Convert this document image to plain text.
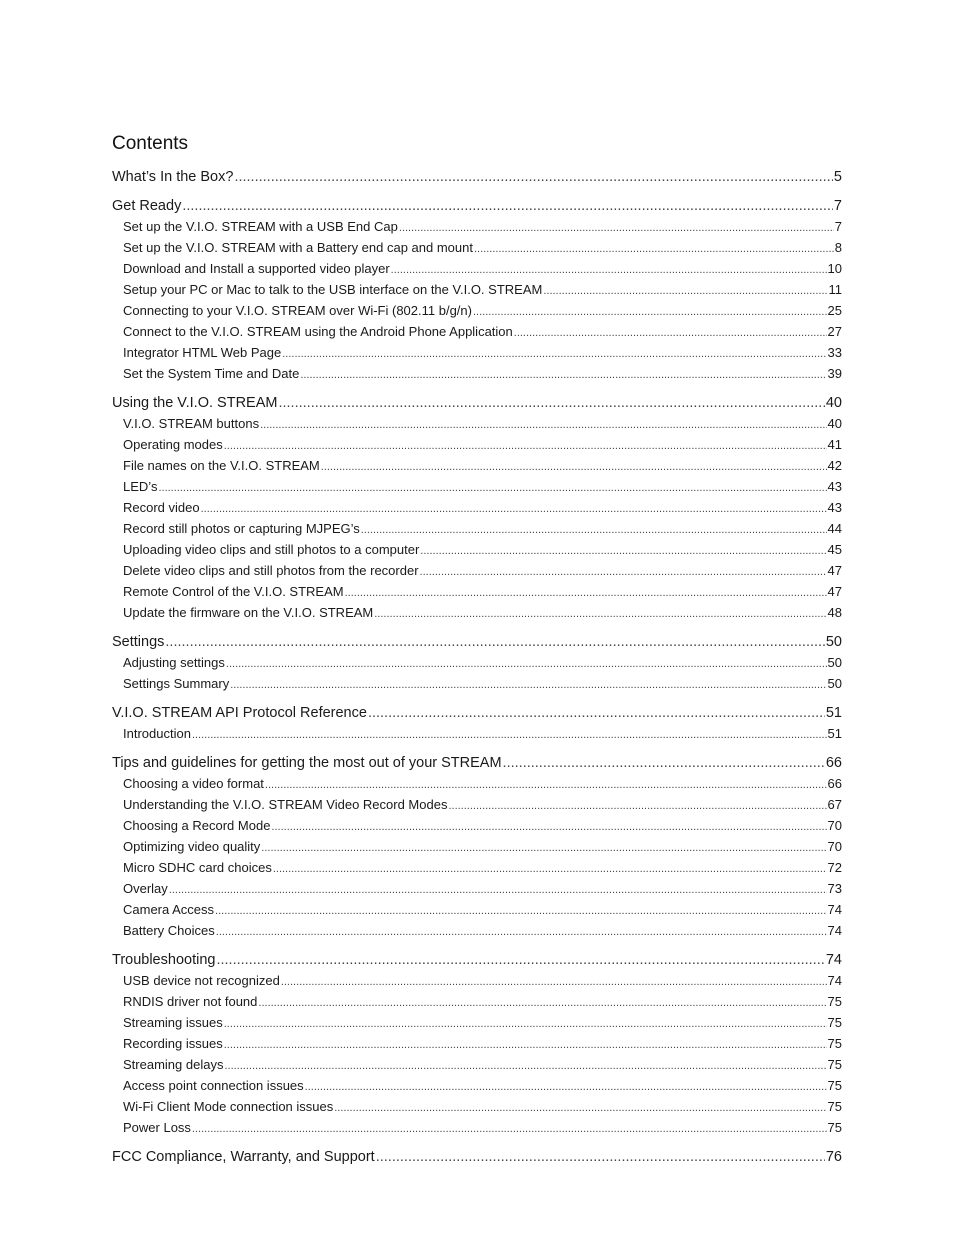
Contents
What’s In the Box? .....	5
Get Ready .....	7
Set up the V.I.O. STREAM with a USB End Cap .....	7
Set up the V.I.O. STREAM with a Battery end cap and mount .....	8
Download and Install a supported video player .....	10
Setup your PC or Mac to talk to the USB interface on the V.I.O. STREAM .....	11
Connecting to your V.I.O. STREAM over Wi-Fi (802.11 b/g/n) .....	25
Connect to the V.I.O. STREAM using the Android Phone Application .....	27
Integrator HTML Web Page .....	33
Set the System Time and Date .....	39
Using the V.I.O. STREAM .....	40
V.I.O. STREAM buttons .....	40
Operating modes .....	41
File names on the V.I.O. STREAM .....	42
LED’s .....	43
Record video .....	43
Record still photos or capturing MJPEG’s .....	44
Uploading video clips and still photos to a computer .....	45
Delete video clips and still photos from the recorder .....	47
Remote Control of the V.I.O. STREAM .....	47
Update the firmware on the V.I.O. STREAM .....	48
Settings .....	50
Adjusting settings .....	50
Settings Summary .....	50
V.I.O. STREAM API Protocol Reference .....	51
Introduction .....	51
Tips and guidelines for getting the most out of your STREAM .....	66
Choosing a video format .....	66
Understanding the V.I.O. STREAM Video Record Modes .....	67
Choosing a Record Mode .....	70
Optimizing video quality .....	70
Micro SDHC card choices .....	72
Overlay .....	73
Camera Access .....	74
Battery Choices .....	74
Troubleshooting .....	74
USB device not recognized .....	74
RNDIS driver not found .....	75
Streaming issues .....	75
Recording issues .....	75
Streaming delays .....	75
Access point connection issues .....	75
Wi-Fi Client Mode connection issues .....	75
Power Loss .....	75
FCC Compliance, Warranty, and Support .....	76
